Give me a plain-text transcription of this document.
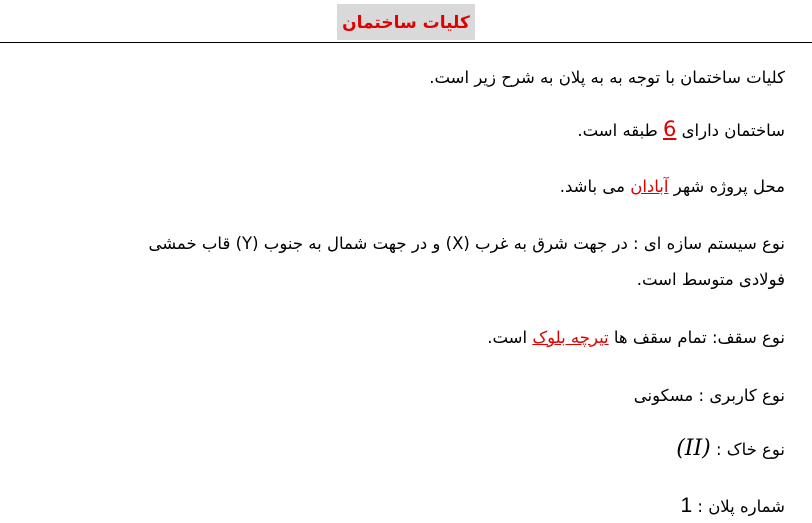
کلیات ساختمان
کلیات ساختمان با توجه به به پلان به شرح زیر است.
ساختمان دارای 6 طبقه است.
محل پروژه شهر آبادان می باشد.
نوع سیستم سازه ای : در جهت شرق به غرب (X) و در جهت شمال به جنوب (Y) قاب خمشی
فولادی متوسط است.
نوع سقف: تمام سقف ها تیرچه بلوک است.
نوع کاربری : مسکونی
نوع خاک : (II)
شماره پلان : 1
